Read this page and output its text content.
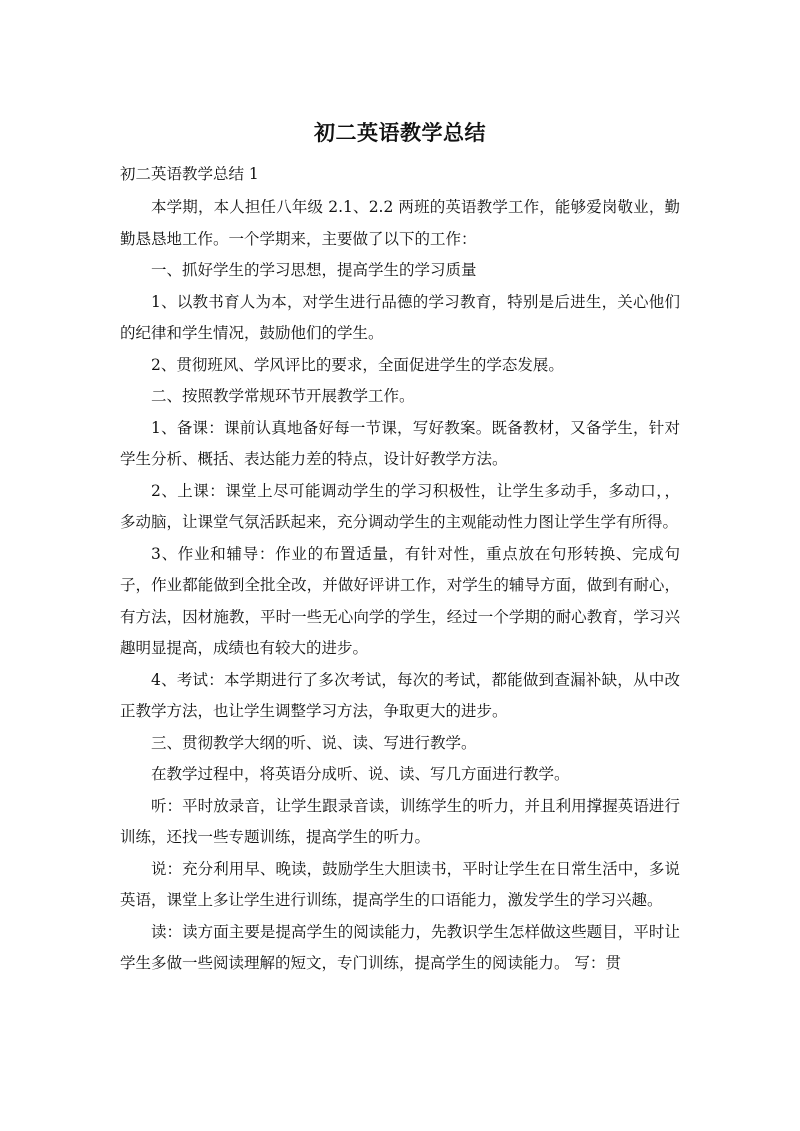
初二英语教学总结
初二英语教学总结 1

本学期，本人担任八年级 2.1、2.2 两班的英语教学工作，能够爱岗敬业，勤勤恳恳地工作。一个学期来，主要做了以下的工作：

一、抓好学生的学习思想，提高学生的学习质量

1、以教书育人为本，对学生进行品德的学习教育，特别是后进生，关心他们的纪律和学生情况，鼓励他们的学生。

2、贯彻班风、学风评比的要求，全面促进学生的学态发展。

二、按照教学常规环节开展教学工作。

1、备课：课前认真地备好每一节课，写好教案。既备教材，又备学生，针对学生分析、概括、表达能力差的特点，设计好教学方法。

2、上课：课堂上尽可能调动学生的学习积极性，让学生多动手，多动口，，多动脑，让课堂气氛活跃起来，充分调动学生的主观能动性力图让学生学有所得。

3、作业和辅导：作业的布置适量，有针对性，重点放在句形转换、完成句子，作业都能做到全批全改，并做好评讲工作，对学生的辅导方面，做到有耐心，有方法，因材施教，平时一些无心向学的学生，经过一个学期的耐心教育，学习兴趣明显提高，成绩也有较大的进步。

4、考试：本学期进行了多次考试，每次的考试，都能做到查漏补缺，从中改正教学方法，也让学生调整学习方法，争取更大的进步。

三、贯彻教学大纲的听、说、读、写进行教学。

在教学过程中，将英语分成听、说、读、写几方面进行教学。

听：平时放录音，让学生跟录音读，训练学生的听力，并且利用撑握英语进行训练，还找一些专题训练，提高学生的听力。

说：充分利用早、晚读，鼓励学生大胆读书，平时让学生在日常生活中，多说英语，课堂上多让学生进行训练，提高学生的口语能力，激发学生的学习兴趣。

读：读方面主要是提高学生的阅读能力，先教识学生怎样做这些题目，平时让学生多做一些阅读理解的短文，专门训练，提高学生的阅读能力。 写：贯
